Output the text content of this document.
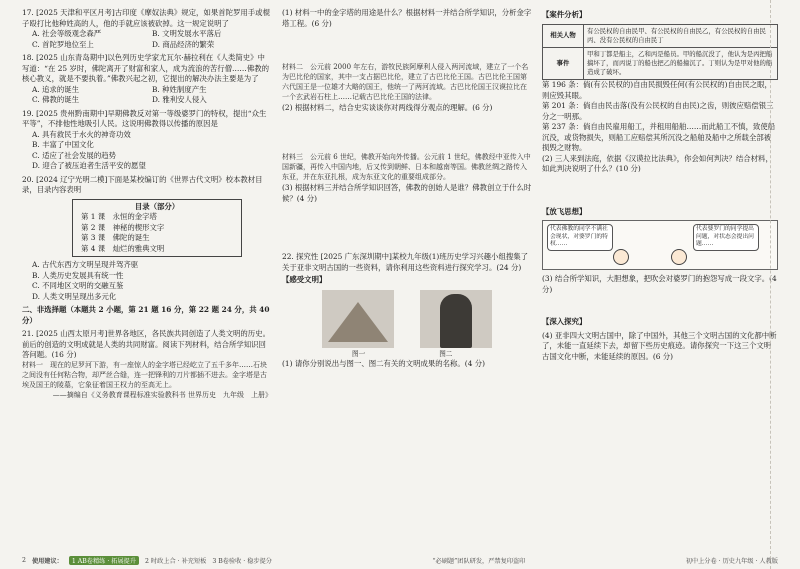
17. [2025 天津和平区月考]古印度《摩奴法典》规定，如果首陀罗用手或棍子殴打比他种姓高的人，他的手就应该被砍掉。这一规定说明了

A. 社会等级观念森严	B. 文明发展水平落后
C. 首陀罗地位至上	D. 商品经济的繁荣

18. [2025 山东青岛期中]以色列历史学家尤瓦尔·赫拉利在《人类简史》中写道：“在 25 岁时，佛陀离开了财富和家人，成为流浪的苦行僧……佛教的核心教义，就是不要执着。”佛教兴起之初，它提出的解决办法主要是为了

A. 追求的诞生	B. 种姓制度产生
C. 佛教的诞生	D. 雅利安人侵入

19. [2025 贵州黔南期中]早期佛教反对第一等级婆罗门的特权，提出“众生平等”，不排他性地吸引人民。这说明佛教得以传播的原因是

A. 具有救民于水火的神奇功效

B. 丰富了中国文化

C. 适应了社会发展的趋势

D. 迎合了被压迫者生活平安的愿望

20. [2024 辽宁光明二模]下面是某校编订的《世界古代文明》校本教材目录，目录内容表明

目录（部分）

第 1 课　永恒的金字塔

第 2 课　神秘的楔形文字

第 3 课　佛陀的诞生

第 4 课　灿烂的雅典文明

A. 古代东西方文明呈现并驾齐驱

B. 人类历史发展具有统一性

C. 不同地区文明的交融互鉴

D. 人类文明呈现出多元化

二、非选择题（本题共 2 小题，第 21 题 16 分，第 22 题 24 分，共 40 分）

21. [2025 山西太原月考]世界各地区，各民族共同创造了人类文明的历史。前后的创造的文明成就是人类的共同财富。阅读下列材料，结合所学知识回答问题。(16 分)

材料一　现在的尼罗河下游，有一座惊人的金字塔已经屹立了五千多年……石块之间没有任何粘合物，却严丝合缝，连一把锋利的刀片都插不进去。金字塔是古埃及国王的陵墓，它象征着国王权力的至高无上。

——摘编自《义务教育课程标准实验教科书 世界历史　九年级　上册》

(1) 材料一中的金字塔的用途是什么？根据材料一并结合所学知识，分析金字塔工程。(6 分)

材料二　公元前 2000 年左右，游牧民族阿摩利人侵入两河流域，建立了一个名为巴比伦的国家，其中一支占据巴比伦，建立了古巴比伦王国。古巴比伦王国第六代国王是一位雄才大略的国王，他统一了两河流域。古巴比伦国王汉谟拉比在一个玄武岩石柱上……记载古巴比伦王国的法律。

(2) 根据材料二，结合史实谈谈你对两线得分观点的理解。(6 分)

材料三　公元前 6 世纪，佛教开始向外传播。公元前 1 世纪，佛教经中亚传入中国新疆，再传入中国内地，后又传到朝鲜、日本和越南等国。佛教丝绸之路传入东亚，并在东亚扎根，成为东亚文化的重要组成部分。

(3) 根据材料三并结合所学知识回答，佛教的创始人是谁？佛教创立于什么时候？(4 分)

22. 探究性 [2025 广东深圳期中]某校九年级(1)班历史学习兴趣小组搜集了关于亚非文明古国的一些资料，请你利用这些资料进行探究学习。(24 分)

【感受文明】

图一	图二

(1) 请你分别说出与图一、图二有关的文明成果的名称。(4 分)

【案件分析】

相关人物	有公民权的自由民甲、有公民权的自由民乙，有公民权的自由民丙、没有公民权的自由民丁
事件	甲和丁都是船主，乙和丙是船员。甲的船沉没了，他认为是丙把船搞坏了，而丙说丁的船也把乙的船撞沉了。丁则认为是甲对他的船造成了破坏。

第 196 条：倘(有公民权的)自由民损毁任何(有公民权的)自由民之眼，则应毁其眼。

第 201 条：倘自由民击落(没有公民权的自由民)之齿，则彼应赔偿银三分之一明那。

第 237 条：倘自由民雇用船工，并租用船舶……而此船工不慎，致使船沉没，或货物损失，则船工应赔偿其所沉没之船舶及船中之所载全部被损毁之财物。

(2) 三人来到法庭，依据《汉谟拉比法典》，你会如何判决？结合材料，如此判决说明了什么？(10 分)

【放飞思想】

代表佛教的同学不满社会现状，对婆罗门的特权……
代表婆罗门的同学提出问题，对状态会提出问题……

(3) 结合所学知识，大胆想象，把吹会对婆罗门的抱怨写成一段文字。(4 分)

【深入探究】

(4) 亚非四大文明古国中，除了中国外，其他三个文明古国的文化都中断了，未能一直延续下去，却留下些历史痕迹。请你探究一下这三个文明古国文化中断，未能延续的原因。(6 分)

2 使用建议：	1 AB卷精练 · 拓展提升	2 时政上合 · 补充短板 3 B卷验收 · 稳步提分	“必刷题”团队研发，严禁复印盗印	初中上分卷 · 历史九年级 · 人教版
